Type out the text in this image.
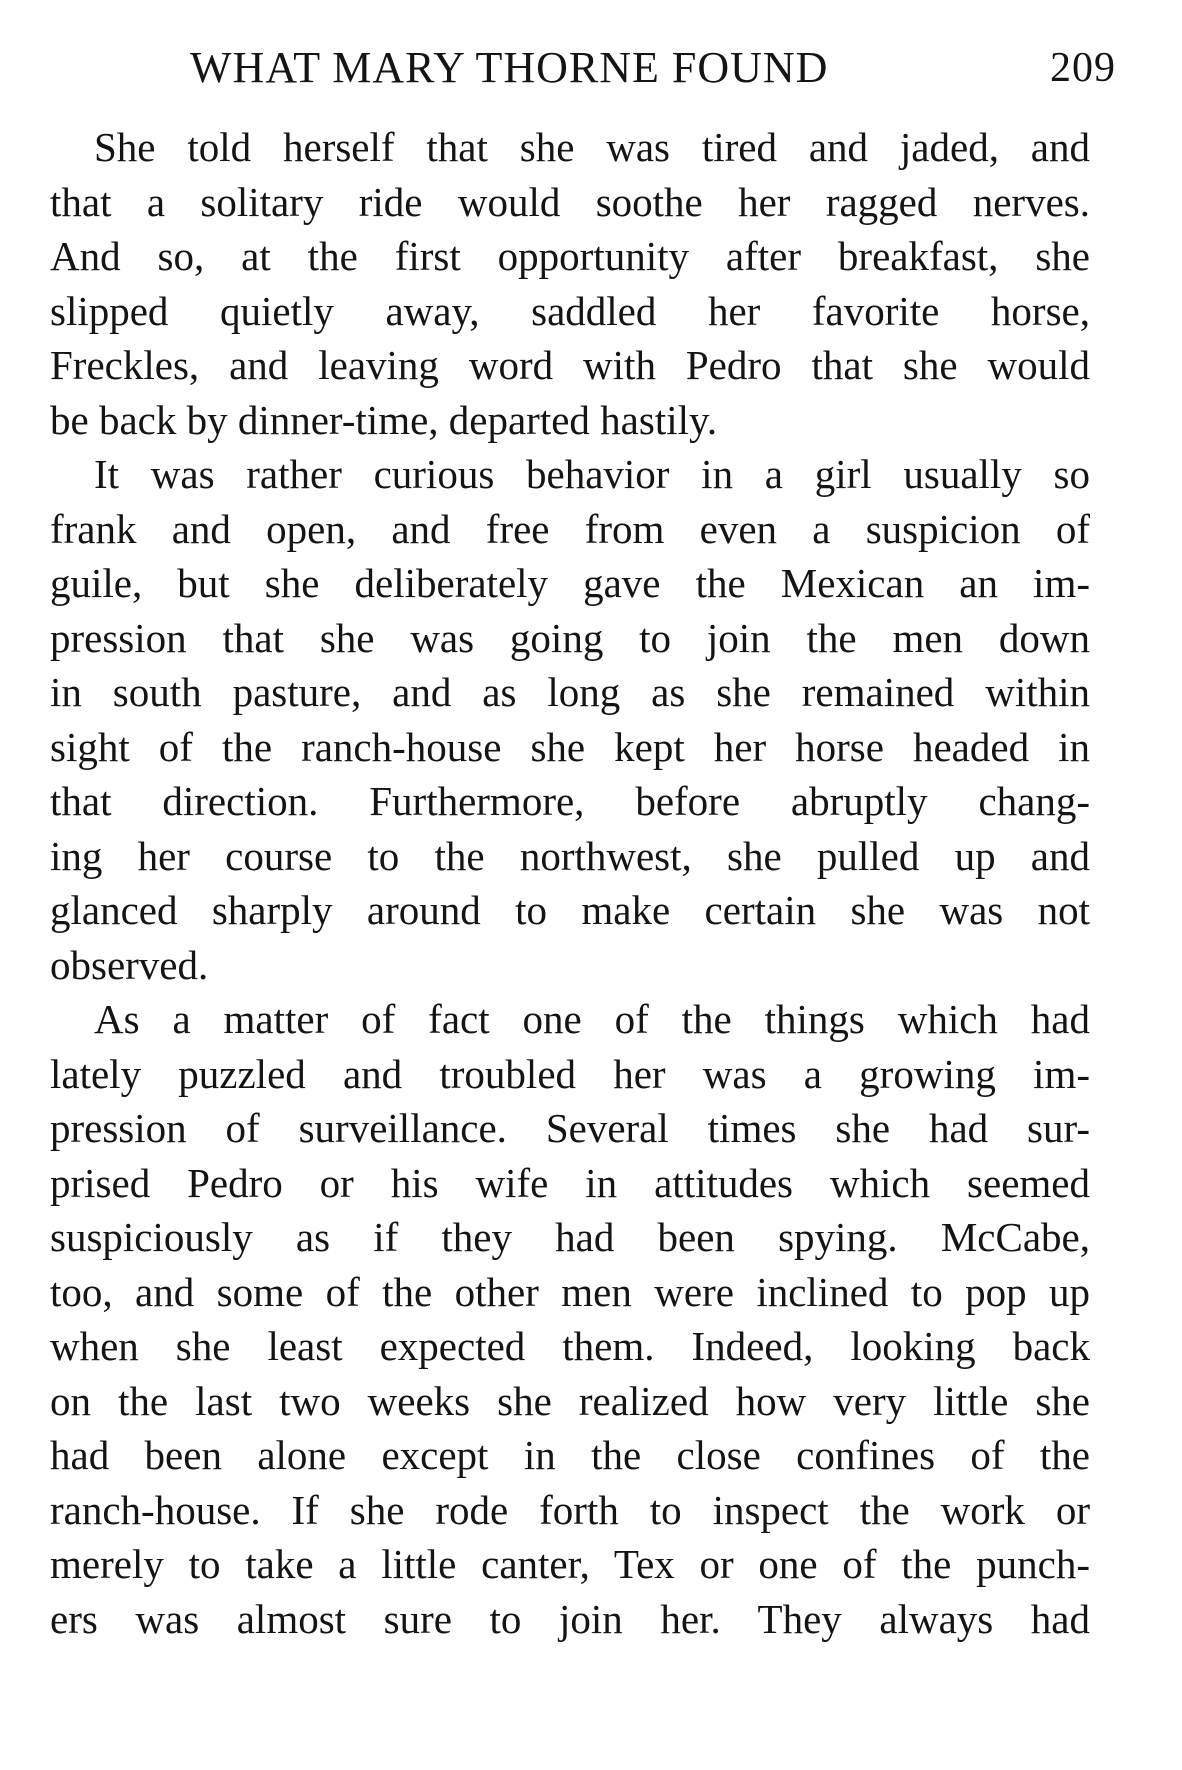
WHAT MARY THORNE FOUND	209
She told herself that she was tired and jaded, and
that a solitary ride would soothe her ragged nerves.
And so, at the first opportunity after breakfast, she
slipped quietly away, saddled her favorite horse,
Freckles, and leaving word with Pedro that she would
be back by dinner-time, departed hastily.
It was rather curious behavior in a girl usually so
frank and open, and free from even a suspicion of
guile, but she deliberately gave the Mexican an im-
pression that she was going to join the men down
in south pasture, and as long as she remained within
sight of the ranch-house she kept her horse headed in
that direction. Furthermore, before abruptly chang-
ing her course to the northwest, she pulled up and
glanced sharply around to make certain she was not
observed.
As a matter of fact one of the things which had
lately puzzled and troubled her was a growing im-
pression of surveillance. Several times she had sur-
prised Pedro or his wife in attitudes which seemed
suspiciously as if they had been spying. McCabe,
too, and some of the other men were inclined to pop up
when she least expected them. Indeed, looking back
on the last two weeks she realized how very little she
had been alone except in the close confines of the
ranch-house. If she rode forth to inspect the work or
merely to take a little canter, Tex or one of the punch-
ers was almost sure to join her. They always had
